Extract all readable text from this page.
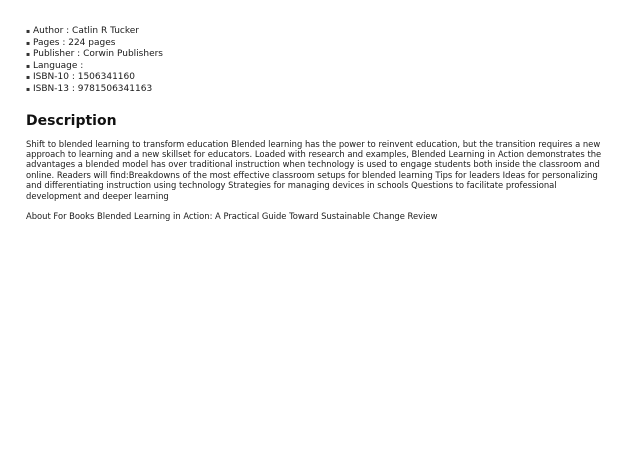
▪ Author : Catlin R Tucker
▪ Pages : 224 pages
▪ Publisher : Corwin Publishers
▪ Language :
▪ ISBN-10 : 1506341160
▪ ISBN-13 : 9781506341163
Description

Shift to blended learning to transform education Blended learning has the power to reinvent education, but the transition requires a new approach to learning and a new skillset for educators. Loaded with research and examples, Blended Learning in Action demonstrates the advantages a blended model has over traditional instruction when technology is used to engage students both inside the classroom and online. Readers will find:Breakdowns of the most effective classroom setups for blended learning Tips for leaders Ideas for personalizing and differentiating instruction using technology Strategies for managing devices in schools Questions to facilitate professional development and deeper learning

About For Books Blended Learning in Action: A Practical Guide Toward Sustainable Change Review
